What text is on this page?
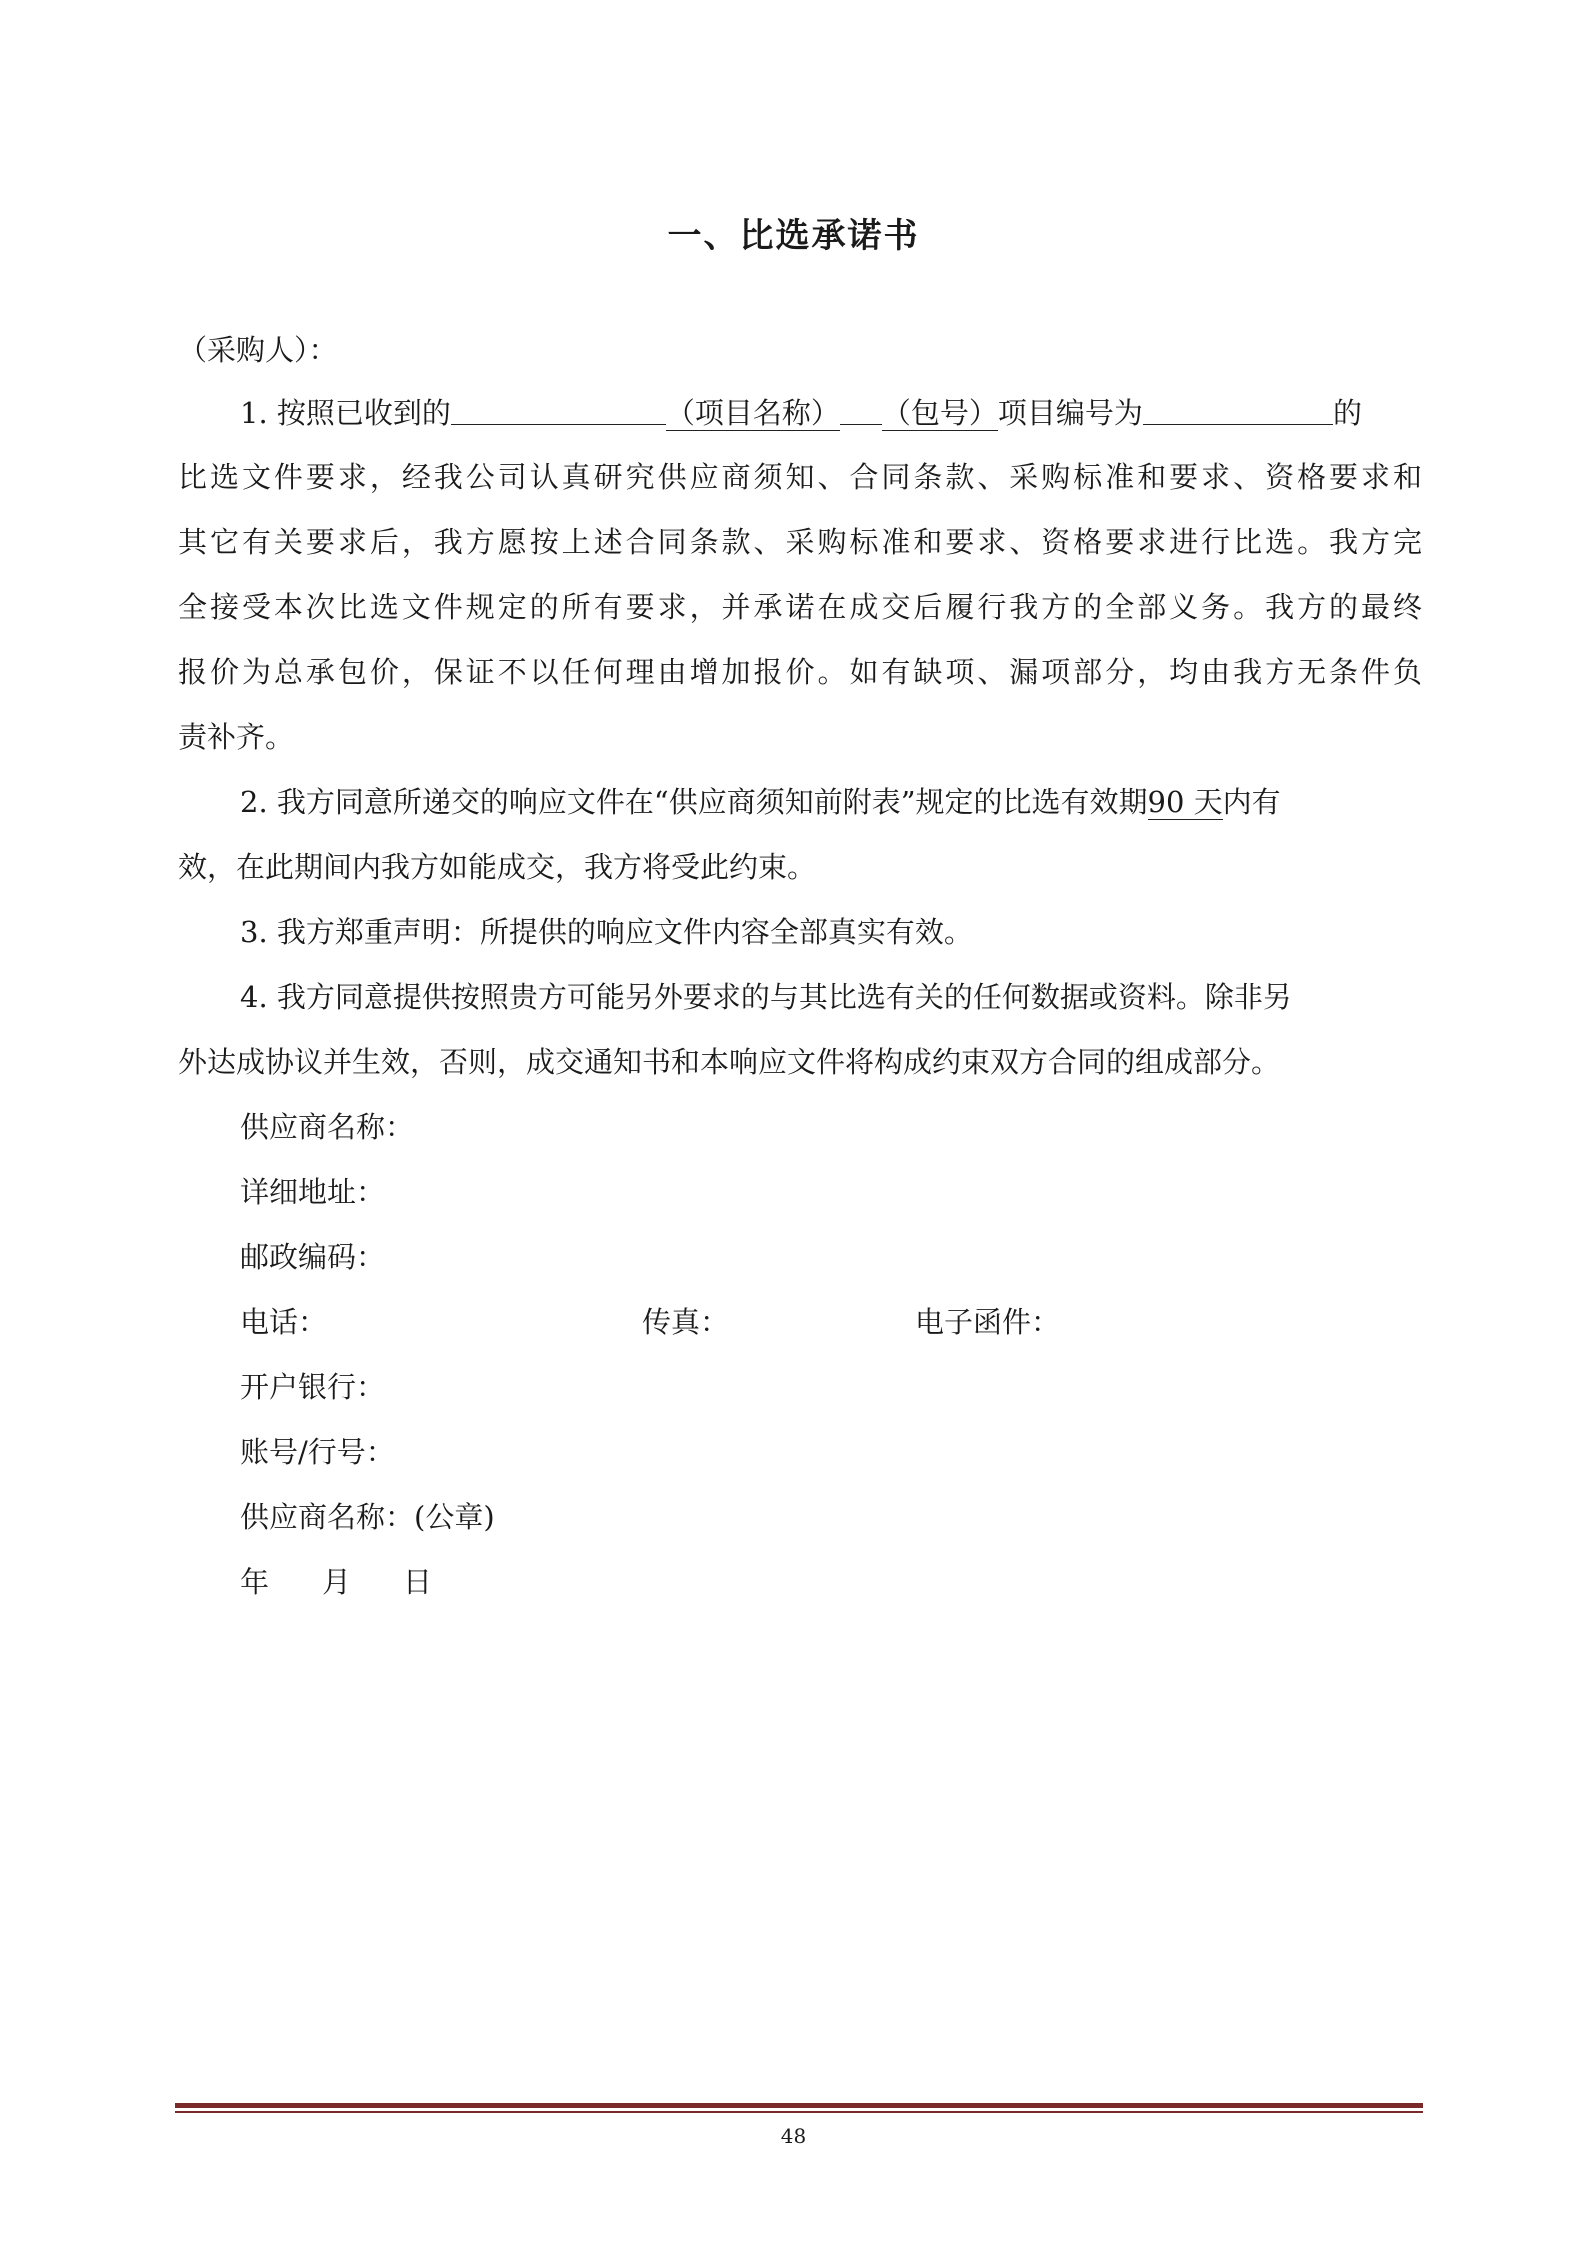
一、比选承诺书
（采购人）：
1. 按照已收到的	（项目名称） （包号）项目编号为	的
比选文件要求，经我公司认真研究供应商须知、合同条款、采购标准和要求、资格要求和
其它有关要求后，我方愿按上述合同条款、采购标准和要求、资格要求进行比选。我方完
全接受本次比选文件规定的所有要求，并承诺在成交后履行我方的全部义务。我方的最终
报价为总承包价，保证不以任何理由增加报价。如有缺项、漏项部分，均由我方无条件负
责补齐。
2. 我方同意所递交的响应文件在“供应商须知前附表”规定的比选有效期90 天内有
效，在此期间内我方如能成交，我方将受此约束。
3. 我方郑重声明：所提供的响应文件内容全部真实有效。
4. 我方同意提供按照贵方可能另外要求的与其比选有关的任何数据或资料。除非另
外达成协议并生效，否则，成交通知书和本响应文件将构成约束双方合同的组成部分。
供应商名称：
详细地址：
邮政编码：
电话：	传真：	电子函件：
开户银行：
账号/行号：
供应商名称：(公章)
年 月 日
48
